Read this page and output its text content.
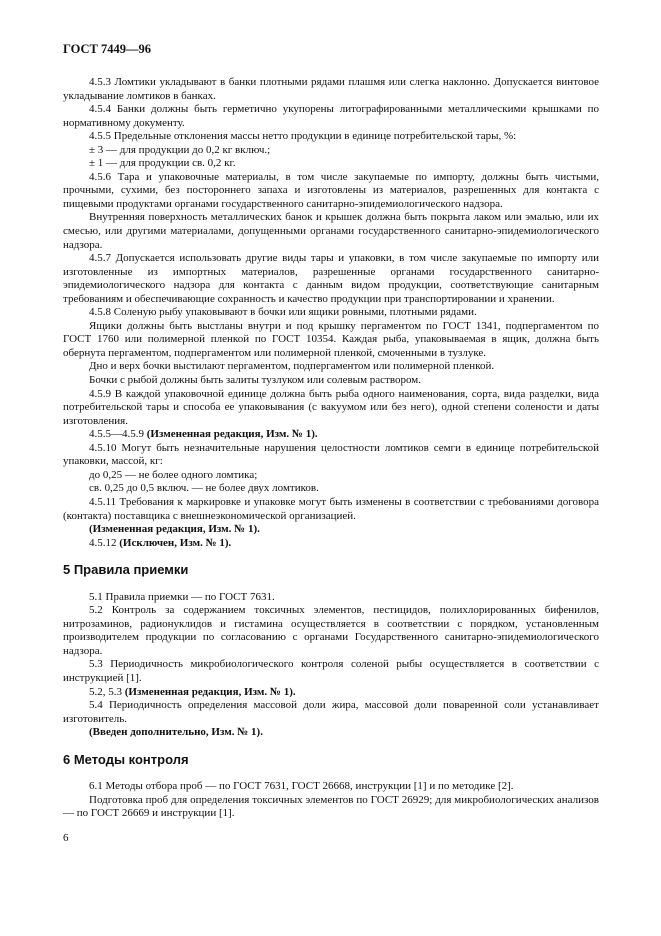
ГОСТ 7449—96

4.5.3 Ломтики укладывают в банки плотными рядами плашмя или слегка наклонно. Допускается винтовое укладывание ломтиков в банках.

4.5.4 Банки должны быть герметично укупорены литографированными металлическими крышками по нормативному документу.

4.5.5 Предельные отклонения массы нетто продукции в единице потребительской тары, %:

± 3 — для продукции до 0,2 кг включ.;

± 1 — для продукции св. 0,2 кг.

4.5.6 Тара и упаковочные материалы, в том числе закупаемые по импорту, должны быть чистыми, прочными, сухими, без постороннего запаха и изготовлены из материалов, разрешенных для контакта с пищевыми продуктами органами государственного санитарно-эпидемиологического надзора.

Внутренняя поверхность металлических банок и крышек должна быть покрыта лаком или эмалью, или их смесью, или другими материалами, допущенными органами государственного санитарно-эпидемиологического надзора.

4.5.7 Допускается использовать другие виды тары и упаковки, в том числе закупаемые по импорту или изготовленные из импортных материалов, разрешенные органами государственного санитарно-эпидемиологического надзора для контакта с данным видом продукции, соответствующие санитарным требованиям и обеспечивающие сохранность и качество продукции при транспортировании и хранении.

4.5.8 Соленую рыбу упаковывают в бочки или ящики ровными, плотными рядами.

Ящики должны быть выстланы внутри и под крышку пергаментом по ГОСТ 1341, подпергаментом по ГОСТ 1760 или полимерной пленкой по ГОСТ 10354. Каждая рыба, упаковываемая в ящик, должна быть обернута пергаментом, подпергаментом или полимерной пленкой, смоченными в тузлуке.

Дно и верх бочки выстилают пергаментом, подпергаментом или полимерной пленкой.

Бочки с рыбой должны быть залиты тузлуком или солевым раствором.

4.5.9 В каждой упаковочной единице должна быть рыба одного наименования, сорта, вида разделки, вида потребительской тары и способа ее упаковывания (с вакуумом или без него), одной степени солености и даты изготовления.

4.5.5—4.5.9 (Измененная редакция, Изм. № 1).

4.5.10 Могут быть незначительные нарушения целостности ломтиков семги в единице потребительской упаковки, массой, кг:

до 0,25 — не более одного ломтика;

св. 0,25 до 0,5 включ. — не более двух ломтиков.

4.5.11 Требования к маркировке и упаковке могут быть изменены в соответствии с требованиями договора (контакта) поставщика с внешнеэкономической организацией.

(Измененная редакция, Изм. № 1).

4.5.12 (Исключен, Изм. № 1).

5 Правила приемки

5.1 Правила приемки — по ГОСТ 7631.

5.2 Контроль за содержанием токсичных элементов, пестицидов, полихлорированных бифенилов, нитрозаминов, радионуклидов и гистамина осуществляется в соответствии с порядком, установленным производителем продукции по согласованию с органами Государственного санитарно-эпидемиологического надзора.

5.3 Периодичность микробиологического контроля соленой рыбы осуществляется в соответствии с инструкцией [1].

5.2, 5.3 (Измененная редакция, Изм. № 1).

5.4 Периодичность определения массовой доли жира, массовой доли поваренной соли устанавливает изготовитель.

(Введен дополнительно, Изм. № 1).

6 Методы контроля

6.1 Методы отбора проб — по ГОСТ 7631, ГОСТ 26668, инструкции [1] и по методике [2].

Подготовка проб для определения токсичных элементов по ГОСТ 26929; для микробиологических анализов — по ГОСТ 26669 и инструкции [1].

6
